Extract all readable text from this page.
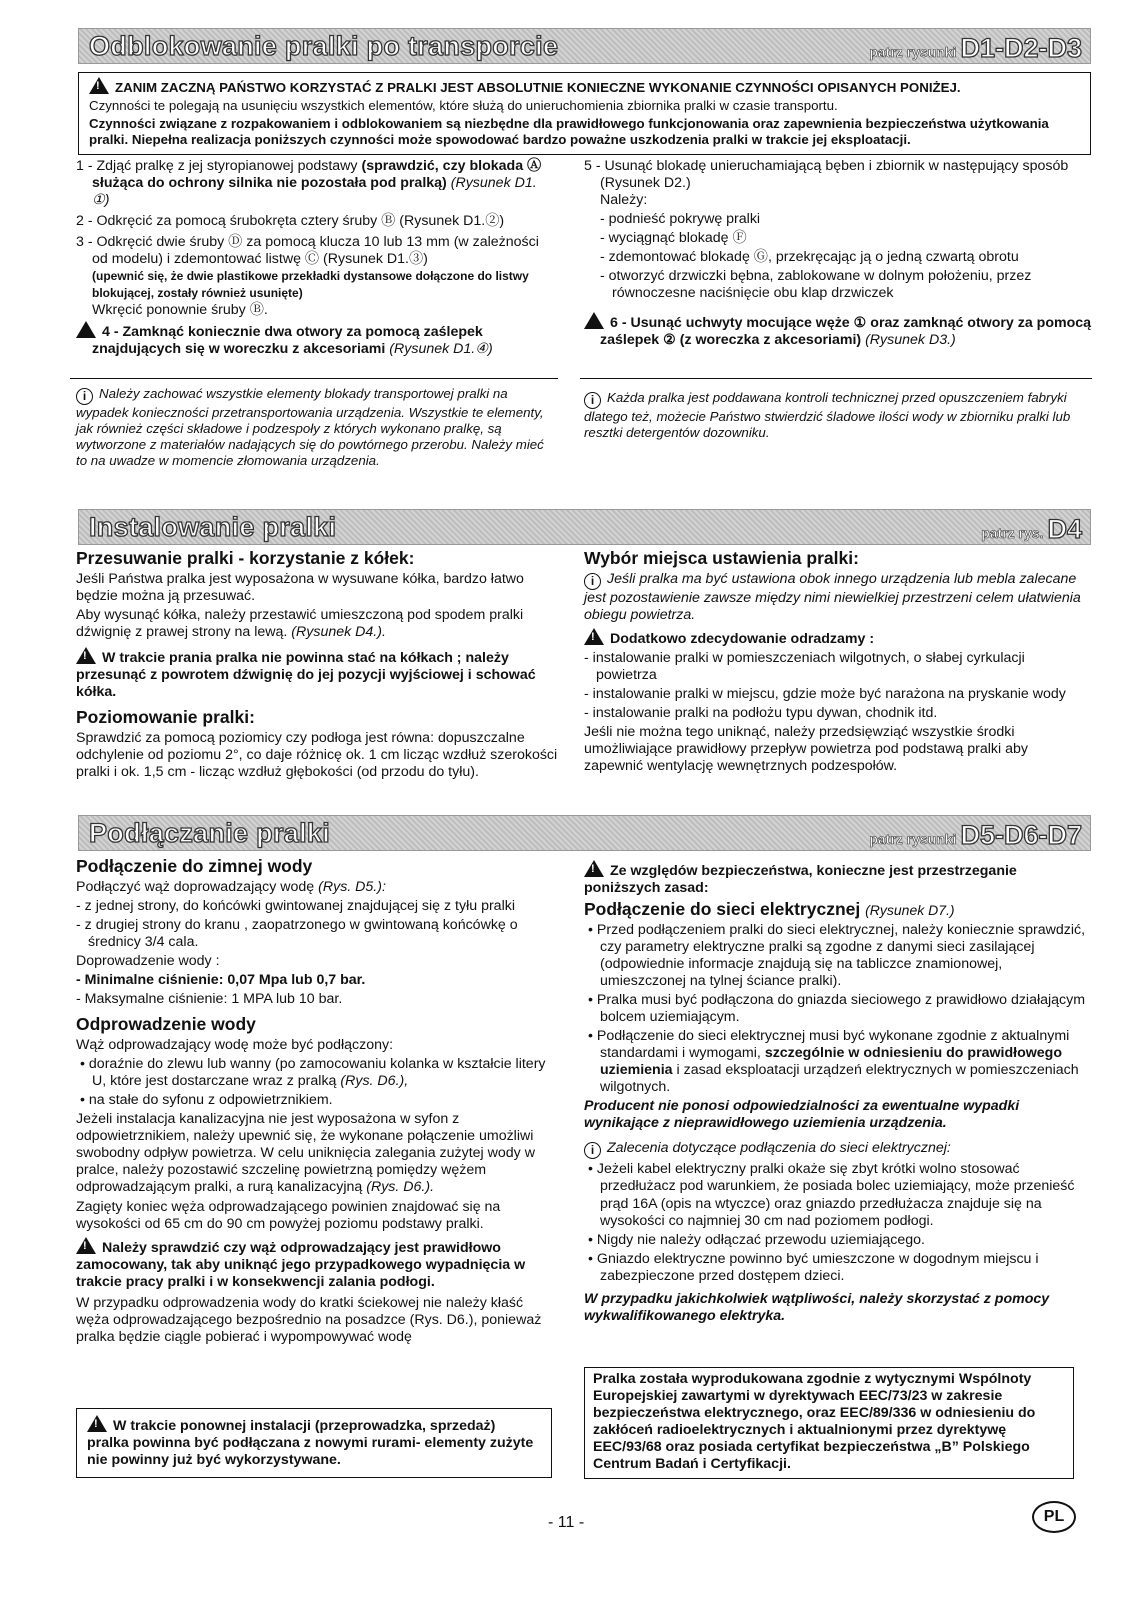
Odblokowanie pralki po transporcie	patrz rysunki D1-D2-D3

!ZANIM ZACZNĄ PAŃSTWO KORZYSTAĆ Z PRALKI JEST ABSOLUTNIE KONIECZNE WYKONANIE CZYNNOŚCI OPISANYCH PONIŻEJ.

Czynności te polegają na usunięciu wszystkich elementów, które służą do unieruchomienia zbiornika pralki w czasie transportu.

Czynności związane z rozpakowaniem i odblokowaniem są niezbędne dla prawidłowego funkcjonowania oraz zapewnienia bezpieczeństwa użytkowania pralki. Niepełna realizacja poniższych czynności może spowodować bardzo poważne uszkodzenia pralki w trakcie jej eksploatacji.

1 - Zdjąć pralkę z jej styropianowej podstawy (sprawdzić, czy blokada Ⓐ służąca do ochrony silnika nie pozostała pod pralką) (Rysunek D1. ①)

2 - Odkręcić za pomocą śrubokręta cztery śruby Ⓑ (Rysunek D1.②)

3 - Odkręcić dwie śruby Ⓓ za pomocą klucza 10 lub 13 mm (w zależności od modelu) i zdemontować listwę Ⓒ (Rysunek D1.③)
(upewnić się, że dwie plastikowe przekładki dystansowe dołączone do listwy blokującej, zostały również usunięte)
Wkręcić ponownie śruby Ⓑ.

!4 - Zamknąć koniecznie dwa otwory za pomocą zaślepek znajdujących się w woreczku z akcesoriami (Rysunek D1.④)

5 - Usunąć blokadę unieruchamiającą bęben i zbiornik w następujący sposób (Rysunek D2.)

Należy:

- podnieść pokrywę pralki

- wyciągnąć blokadę Ⓕ

- zdemontować blokadę Ⓖ, przekręcając ją o jedną czwartą obrotu

- otworzyć drzwiczki bębna, zablokowane w dolnym położeniu, przez równoczesne naciśnięcie obu klap drzwiczek

!6 - Usunąć uchwyty mocujące węże ① oraz zamknąć otwory za pomocą zaślepek ② (z woreczka z akcesoriami) (Rysunek D3.)

i Należy zachować wszystkie elementy blokady transportowej pralki na wypadek konieczności przetransportowania urządzenia. Wszystkie te elementy, jak również części składowe i podzespoły z których wykonano pralkę, są wytworzone z materiałów nadających się do powtórnego przerobu. Należy mieć to na uwadze w momencie złomowania urządzenia.

i Każda pralka jest poddawana kontroli technicznej przed opuszczeniem fabryki dlatego też, możecie Państwo stwierdzić śladowe ilości wody w zbiorniku pralki lub resztki detergentów dozowniku.

Instalowanie pralki	patrz rys. D4
Przesuwanie pralki - korzystanie z kółek:

Jeśli Państwa pralka jest wyposażona w wysuwane kółka, bardzo łatwo będzie można ją przesuwać.

Aby wysunąć kółka, należy przestawić umieszczoną pod spodem pralki dźwignię z prawej strony na lewą. (Rysunek D4.).

!W trakcie prania pralka nie powinna stać na kółkach ; należy przesunąć z powrotem dźwignię do jej pozycji wyjściowej i schować kółka.

Poziomowanie pralki:

Sprawdzić za pomocą poziomicy czy podłoga jest równa: dopuszczalne odchylenie od poziomu 2°, co daje różnicę ok. 1 cm licząc wzdłuż szerokości pralki i ok. 1,5 cm - licząc wzdłuż głębokości (od przodu do tyłu).

Wybór miejsca ustawienia pralki:

i Jeśli pralka ma być ustawiona obok innego urządzenia lub mebla zalecane jest pozostawienie zawsze między nimi niewielkiej przestrzeni celem ułatwienia obiegu powietrza.

!Dodatkowo zdecydowanie odradzamy :

- instalowanie pralki w pomieszczeniach wilgotnych, o słabej cyrkulacji powietrza

- instalowanie pralki w miejscu, gdzie może być narażona na pryskanie wody

- instalowanie pralki na podłożu typu dywan, chodnik itd.

Jeśli nie można tego uniknąć, należy przedsięwziąć wszystkie środki umożliwiające prawidłowy przepływ powietrza pod podstawą pralki aby zapewnić wentylację wewnętrznych podzespołów.

Podłączanie pralki	patrz rysunki D5-D6-D7
Podłączenie do zimnej wody

Podłączyć wąż doprowadzający wodę (Rys. D5.):

- z jednej strony, do końcówki gwintowanej znajdującej się z tyłu pralki

- z drugiej strony do kranu , zaopatrzonego w gwintowaną końcówkę o średnicy 3/4 cala.

Doprowadzenie wody :

- Minimalne ciśnienie: 0,07 Mpa lub 0,7 bar.

- Maksymalne ciśnienie: 1 MPA lub 10 bar.

Odprowadzenie wody

Wąż odprowadzający wodę może być podłączony:

• doraźnie do zlewu lub wanny (po zamocowaniu kolanka w kształcie litery U, które jest dostarczane wraz z pralką (Rys. D6.),

• na stałe do syfonu z odpowietrznikiem.

Jeżeli instalacja kanalizacyjna nie jest wyposażona w syfon z odpowietrznikiem, należy upewnić się, że wykonane połączenie umożliwi swobodny odpływ powietrza. W celu uniknięcia zalegania zużytej wody w pralce, należy pozostawić szczelinę powietrzną pomiędzy wężem odprowadzającym pralki, a rurą kanalizacyjną (Rys. D6.).

Zagięty koniec węża odprowadzającego powinien znajdować się na wysokości od 65 cm do 90 cm powyżej poziomu podstawy pralki.

!Należy sprawdzić czy wąż odprowadzający jest prawidłowo zamocowany, tak aby uniknąć jego przypadkowego wypadnięcia w trakcie pracy pralki i w konsekwencji zalania podłogi.

W przypadku odprowadzenia wody do kratki ściekowej nie należy kłaść węża odprowadzającego bezpośrednio na posadzce (Rys. D6.), ponieważ pralka będzie ciągle pobierać i wypompowywać wodę

!W trakcie ponownej instalacji (przeprowadzka, sprzedaż) pralka powinna być podłączana z nowymi rurami- elementy zużyte nie powinny już być wykorzystywane.

!Ze względów bezpieczeństwa, konieczne jest przestrzeganie poniższych zasad:

Podłączenie do sieci elektrycznej (Rysunek D7.)

• Przed podłączeniem pralki do sieci elektrycznej, należy koniecznie sprawdzić, czy parametry elektryczne pralki są zgodne z danymi sieci zasilającej (odpowiednie informacje znajdują się na tabliczce znamionowej, umieszczonej na tylnej ściance pralki).

• Pralka musi być podłączona do gniazda sieciowego z prawidłowo działającym bolcem uziemiającym.

• Podłączenie do sieci elektrycznej musi być wykonane zgodnie z aktualnymi standardami i wymogami, szczególnie w odniesieniu do prawidłowego uziemienia i zasad eksploatacji urządzeń elektrycznych w pomieszczeniach wilgotnych.

Producent nie ponosi odpowiedzialności za ewentualne wypadki wynikające z nieprawidłowego uziemienia urządzenia.

i Zalecenia dotyczące podłączenia do sieci elektrycznej:

• Jeżeli kabel elektryczny pralki okaże się zbyt krótki wolno stosować przedłużacz pod warunkiem, że posiada bolec uziemiający, może przenieść prąd 16A (opis na wtyczce) oraz gniazdo przedłużacza znajduje się na wysokości co najmniej 30 cm nad poziomem podłogi.

• Nigdy nie należy odłączać przewodu uziemiającego.

• Gniazdo elektryczne powinno być umieszczone w dogodnym miejscu i zabezpieczone przed dostępem dzieci.

W przypadku jakichkolwiek wątpliwości, należy skorzystać z pomocy wykwalifikowanego elektryka.

Pralka została wyprodukowana zgodnie z wytycznymi Wspólnoty Europejskiej zawartymi w dyrektywach EEC/73/23 w zakresie bezpieczeństwa elektrycznego, oraz EEC/89/336 w odniesieniu do zakłóceń radioelektrycznych i aktualnionymi przez dyrektywę EEC/93/68 oraz posiada certyfikat bezpieczeństwa „B” Polskiego Centrum Badań i Certyfikacji.

- 11 -	PL
